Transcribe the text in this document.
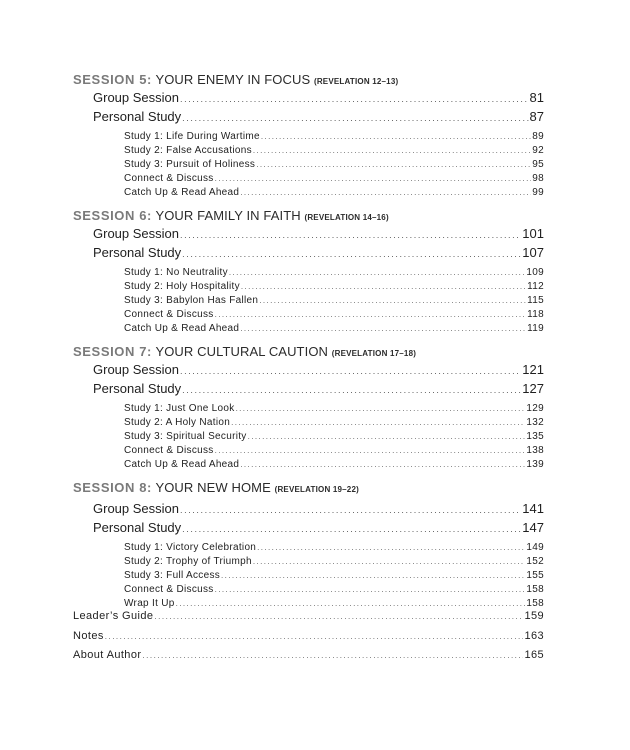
SESSION 5: YOUR ENEMY IN FOCUS (REVELATION 12–13)
Group Session .....	81
Personal Study .....	87
Study 1: Life During Wartime .....	89
Study 2: False Accusations .....	92
Study 3: Pursuit of Holiness .....	95
Connect & Discuss .....	98
Catch Up & Read Ahead .....	99
SESSION 6: YOUR FAMILY IN FAITH (REVELATION 14–16)
Group Session .....	101
Personal Study .....	107
Study 1: No Neutrality .....	109
Study 2: Holy Hospitality .....	112
Study 3: Babylon Has Fallen .....	115
Connect & Discuss .....	118
Catch Up & Read Ahead .....	119
SESSION 7: YOUR CULTURAL CAUTION (REVELATION 17–18)
Group Session .....	121
Personal Study .....	127
Study 1: Just One Look .....	129
Study 2: A Holy Nation .....	132
Study 3: Spiritual Security .....	135
Connect & Discuss .....	138
Catch Up & Read Ahead .....	139
SESSION 8: YOUR NEW HOME (REVELATION 19–22)
Group Session .....	141
Personal Study .....	147
Study 1: Victory Celebration .....	149
Study 2: Trophy of Triumph .....	152
Study 3: Full Access .....	155
Connect & Discuss .....	158
Wrap It Up .....	158
Leader’s Guide .....	159
Notes .....	163
About Author .....	165
